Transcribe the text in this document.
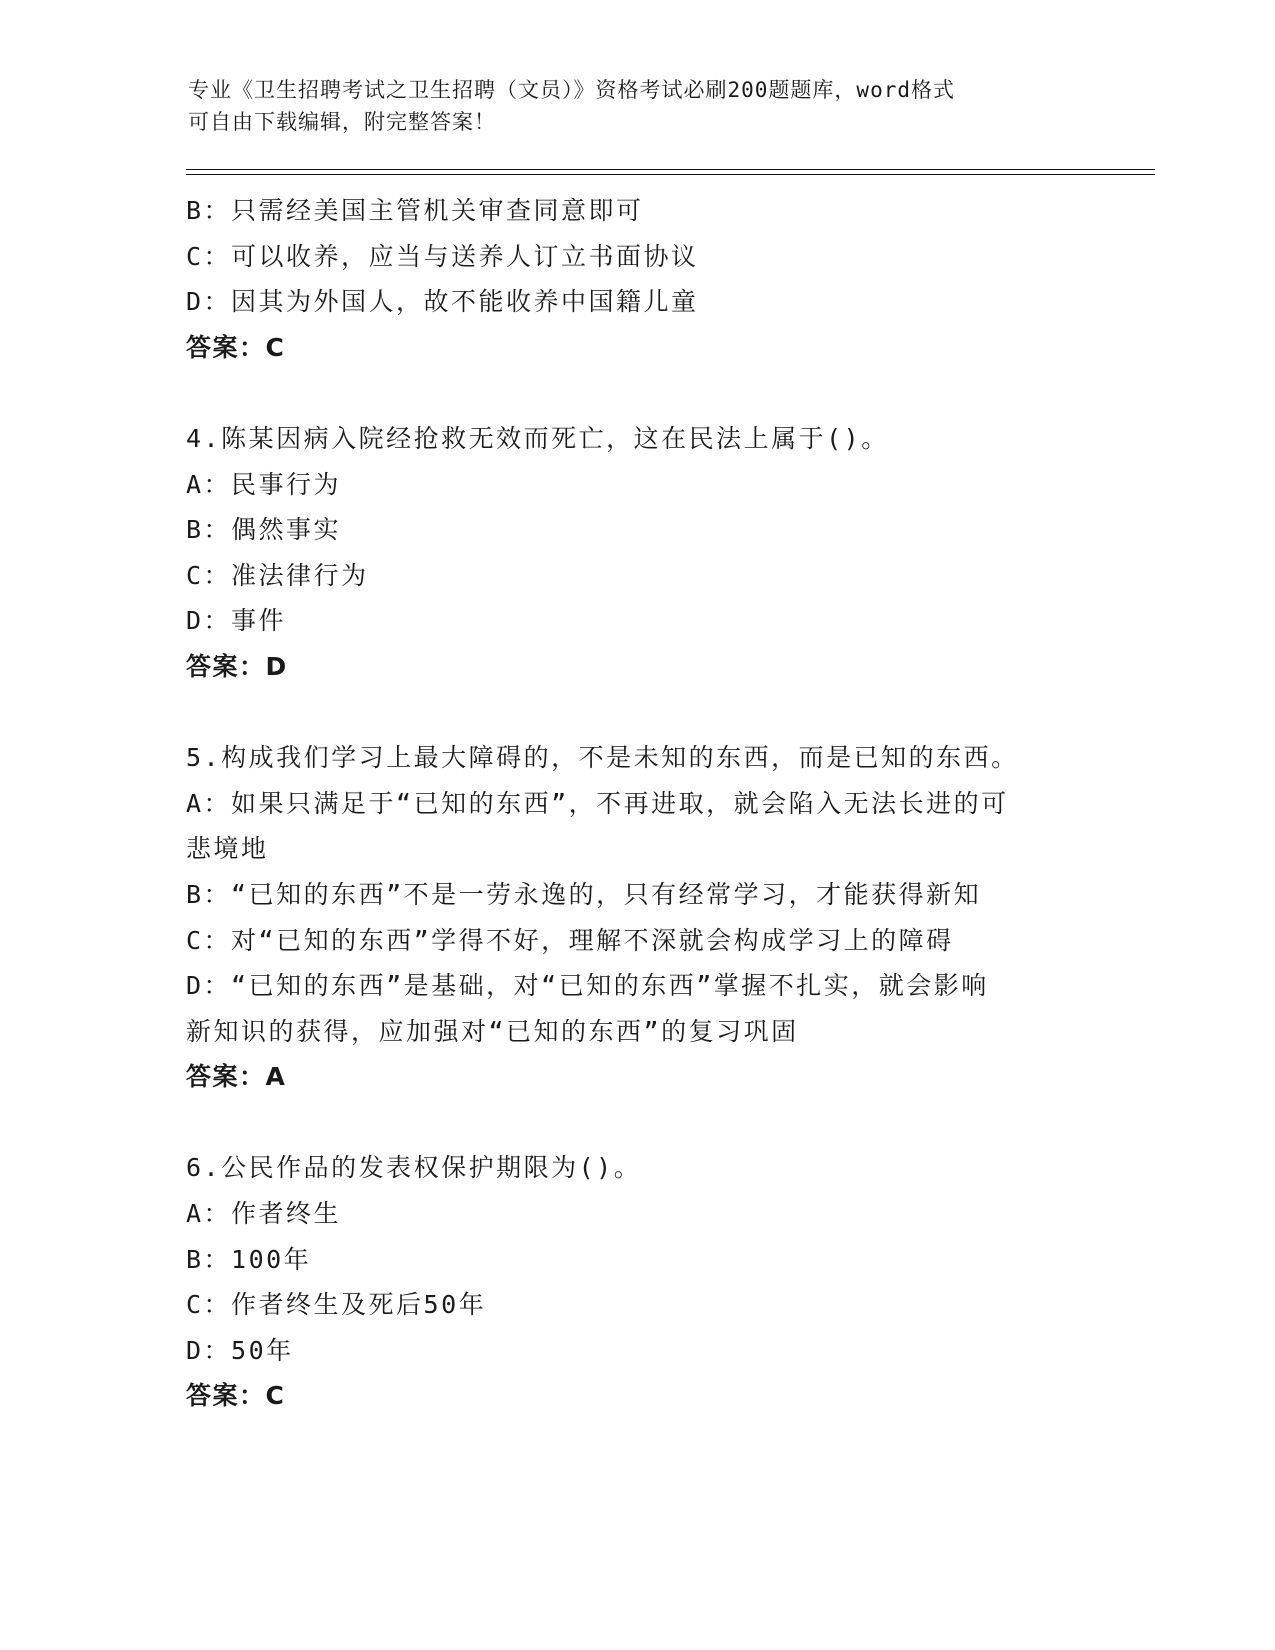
专业《卫生招聘考试之卫生招聘（文员）》资格考试必刷200题题库，word格式
可自由下载编辑，附完整答案！

B：只需经美国主管机关审查同意即可

C：可以收养，应当与送养人订立书面协议

D：因其为外国人，故不能收养中国籍儿童

答案：C

4.陈某因病入院经抢救无效而死亡，这在民法上属于()。

A：民事行为

B：偶然事实

C：准法律行为

D：事件

答案：D

5.构成我们学习上最大障碍的，不是未知的东西，而是已知的东西。

A：如果只满足于“已知的东西”，不再进取，就会陷入无法长进的可

悲境地

B：“已知的东西”不是一劳永逸的，只有经常学习，才能获得新知

C：对“已知的东西”学得不好，理解不深就会构成学习上的障碍

D：“已知的东西”是基础，对“已知的东西”掌握不扎实，就会影响

新知识的获得，应加强对“已知的东西”的复习巩固

答案：A

6.公民作品的发表权保护期限为()。

A：作者终生

B：100年

C：作者终生及死后50年

D：50年

答案：C
